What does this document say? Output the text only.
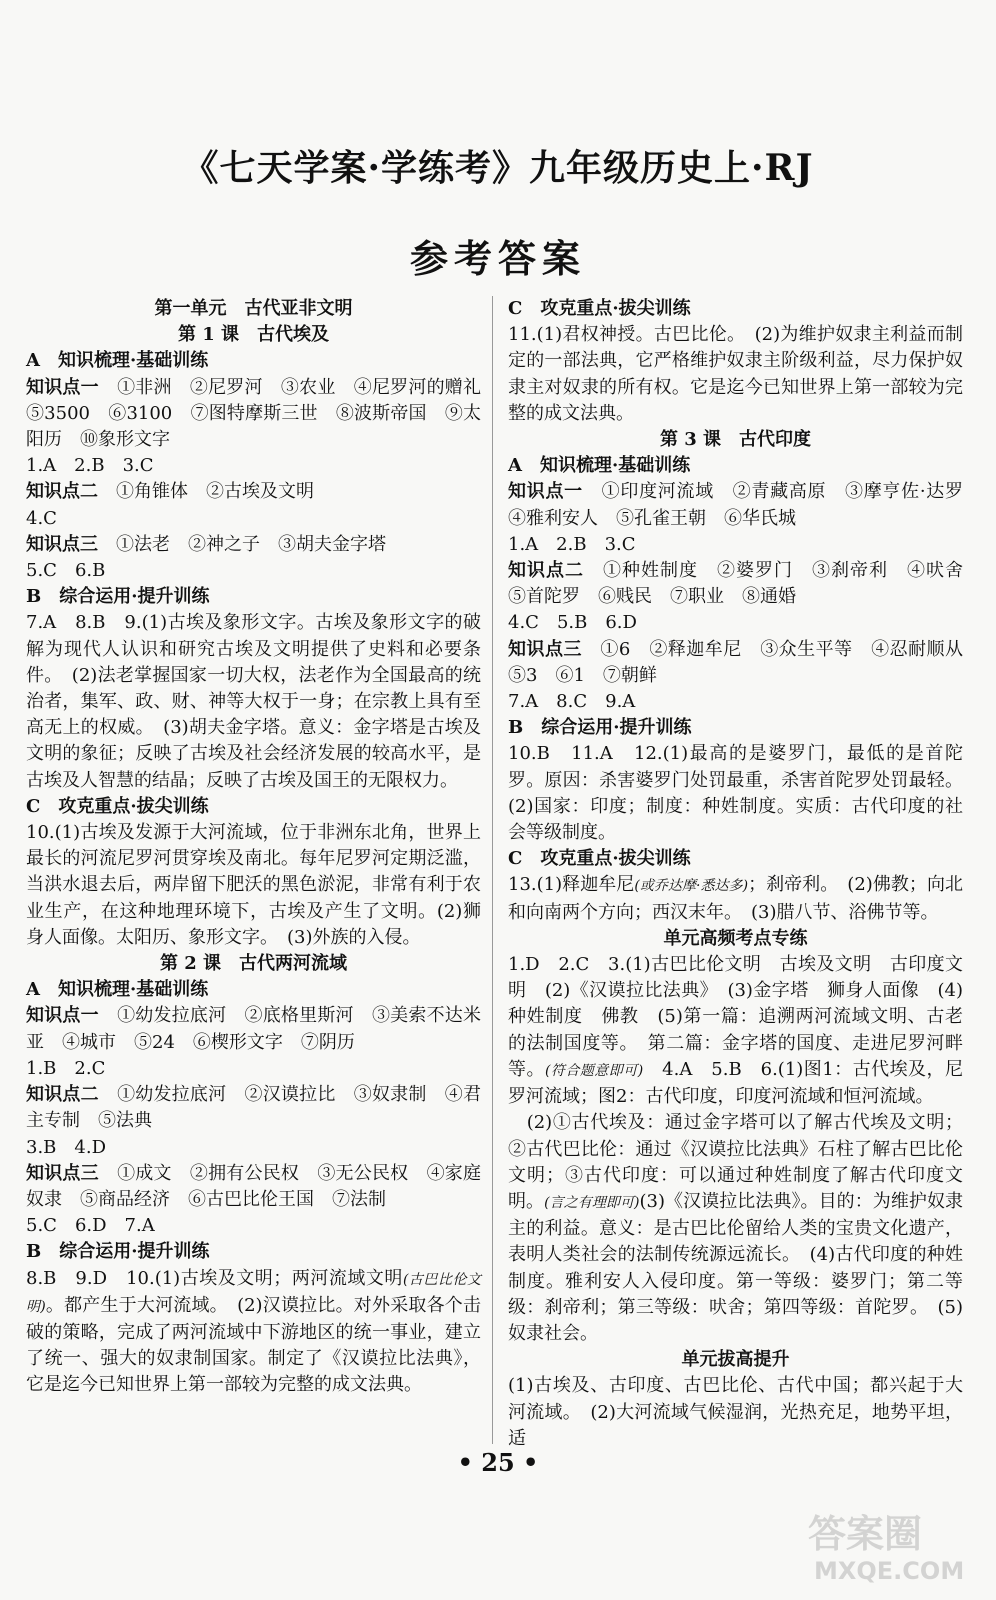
《七天学案·学练考》九年级历史上·RJ
参考答案
第一单元　古代亚非文明
第 1 课　古代埃及
A　知识梳理·基础训练

知识点一　 ①非洲　②尼罗河　③农业　④尼罗河的赠礼　⑤3500　⑥3100　⑦图特摩斯三世　⑧波斯帝国　⑨太阳历　⑩象形文字

1.A　2.B　3.C

知识点二　 ①角锥体　②古埃及文明

4.C

知识点三　 ①法老　②神之子　③胡夫金字塔

5.C　6.B

B　综合运用·提升训练

7.A　8.B　9.(1)古埃及象形文字。古埃及象形文字的破解为现代人认识和研究古埃及文明提供了史料和必要条件。　(2)法老掌握国家一切大权，法老作为全国最高的统治者，集军、政、财、神等大权于一身；在宗教上具有至高无上的权威。　(3)胡夫金字塔。意义：金字塔是古埃及文明的象征；反映了古埃及社会经济发展的较高水平，是古埃及人智慧的结晶；反映了古埃及国王的无限权力。

C　攻克重点·拔尖训练

10.(1)古埃及发源于大河流域，位于非洲东北角，世界上最长的河流尼罗河贯穿埃及南北。每年尼罗河定期泛滥，当洪水退去后，两岸留下肥沃的黑色淤泥，非常有利于农业生产，在这种地理环境下，古埃及产生了文明。(2)狮身人面像。太阳历、象形文字。　(3)外族的入侵。

第 2 课　古代两河流域
A　知识梳理·基础训练

知识点一　 ①幼发拉底河　②底格里斯河　③美索不达米亚　④城市　⑤24　⑥楔形文字　⑦阴历

1.B　2.C

知识点二　 ①幼发拉底河　②汉谟拉比　③奴隶制　④君主专制　⑤法典

3.B　4.D

知识点三　 ①成文　②拥有公民权　③无公民权　④家庭奴隶　⑤商品经济　⑥古巴比伦王国　⑦法制

5.C　6.D　7.A

B　综合运用·提升训练

8.B　9.D　10.(1)古埃及文明；两河流域文明(古巴比伦文明)。都产生于大河流域。　(2)汉谟拉比。对外采取各个击破的策略，完成了两河流域中下游地区的统一事业，建立了统一、强大的奴隶制国家。制定了《汉谟拉比法典》，它是迄今已知世界上第一部较为完整的成文法典。

C　攻克重点·拔尖训练

11.(1)君权神授。古巴比伦。　(2)为维护奴隶主利益而制定的一部法典，它严格维护奴隶主阶级利益，尽力保护奴隶主对奴隶的所有权。它是迄今已知世界上第一部较为完整的成文法典。

第 3 课　古代印度
A　知识梳理·基础训练

知识点一　 ①印度河流域　②青藏高原　③摩亨佐·达罗　④雅利安人　⑤孔雀王朝　⑥华氏城

1.A　2.B　3.C

知识点二　 ①种姓制度　②婆罗门　③刹帝利　④吠舍　⑤首陀罗　⑥贱民　⑦职业　⑧通婚

4.C　5.B　6.D

知识点三　 ①6　②释迦牟尼　③众生平等　④忍耐顺从　⑤3　⑥1　⑦朝鲜

7.A　8.C　9.A

B　综合运用·提升训练

10.B　11.A　12.(1)最高的是婆罗门，最低的是首陀罗。原因：杀害婆罗门处罚最重，杀害首陀罗处罚最轻。(2)国家：印度；制度：种姓制度。实质：古代印度的社会等级制度。

C　攻克重点·拔尖训练

13.(1)释迦牟尼(或乔达摩·悉达多)；刹帝利。　(2)佛教；向北和向南两个方向；西汉末年。　(3)腊八节、浴佛节等。

单元高频考点专练

1.D　2.C　3.(1)古巴比伦文明　古埃及文明　古印度文明　(2)《汉谟拉比法典》　(3)金字塔　狮身人面像　(4)种姓制度　佛教　(5)第一篇：追溯两河流域文明、古老的法制国度等。　第二篇：金字塔的国度、走进尼罗河畔等。(符合题意即可)　4.A　5.B　6.(1)图1：古代埃及，尼罗河流域；图2：古代印度，印度河流域和恒河流域。

　(2)①古代埃及：通过金字塔可以了解古代埃及文明；②古代巴比伦：通过《汉谟拉比法典》石柱了解古巴比伦文明；③古代印度：可以通过种姓制度了解古代印度文明。(言之有理即可)(3)《汉谟拉比法典》。目的：为维护奴隶主的利益。意义：是古巴比伦留给人类的宝贵文化遗产，表明人类社会的法制传统源远流长。　(4)古代印度的种姓制度。雅利安人入侵印度。第一等级：婆罗门；第二等级：刹帝利；第三等级：吠舍；第四等级：首陀罗。　(5)奴隶社会。

单元拔高提升

(1)古埃及、古印度、古巴比伦、古代中国；都兴起于大河流域。　(2)大河流域气候湿润，光热充足，地势平坦，适

• 25 •
答案圈
MXQE.COM
